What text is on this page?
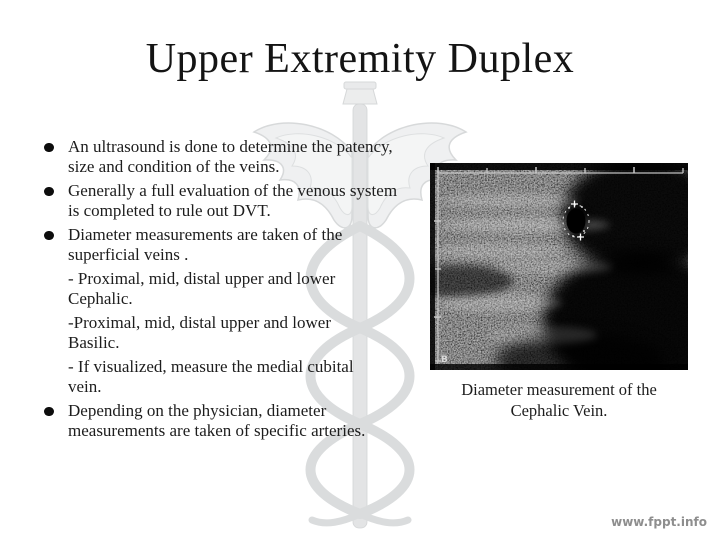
Upper Extremity Duplex
An ultrasound is done to determine the patency, size and condition of the veins.
Generally a full evaluation of the venous system is completed to rule out DVT.
Diameter measurements are taken of the superficial veins .
- Proximal, mid, distal upper and lower Cephalic.
-Proximal, mid, distal upper and lower Basilic.
- If visualized, measure the medial cubital vein.
Depending on the physician, diameter measurements are taken of specific arteries.
B
Diameter measurement of the
Cephalic Vein.
www.fppt.info
